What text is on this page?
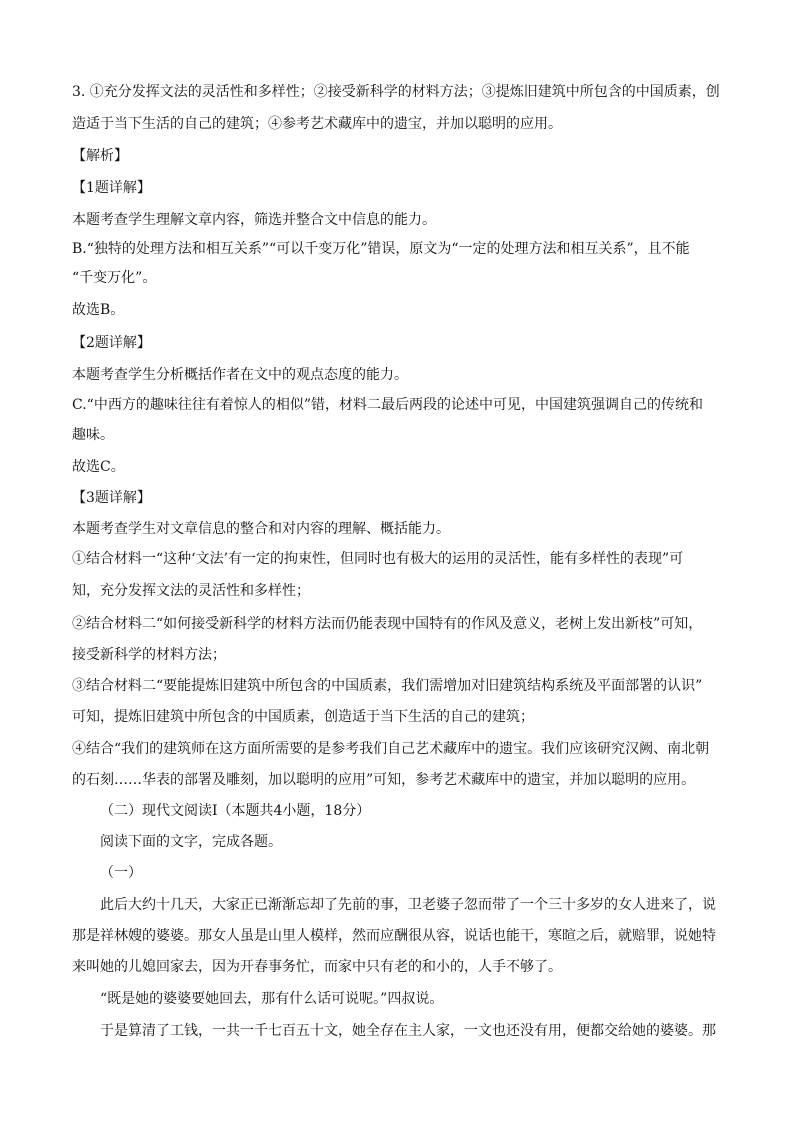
3. ①充分发挥文法的灵活性和多样性；②接受新科学的材料方法；③提炼旧建筑中所包含的中国质素，创
造适于当下生活的自己的建筑；④参考艺术藏库中的遗宝，并加以聪明的应用。
【解析】
【1题详解】
本题考查学生理解文章内容，筛选并整合文中信息的能力。
B.“独特的处理方法和相互关系”“可以千变万化”错误，原文为“一定的处理方法和相互关系”，且不能
“千变万化”。
故选B。
【2题详解】
本题考查学生分析概括作者在文中的观点态度的能力。
C.“中西方的趣味往往有着惊人的相似”错，材料二最后两段的论述中可见，中国建筑强调自己的传统和
趣味。
故选C。
【3题详解】
本题考查学生对文章信息的整合和对内容的理解、概括能力。
①结合材料一“这种‘文法’有一定的拘束性，但同时也有极大的运用的灵活性，能有多样性的表现”可
知，充分发挥文法的灵活性和多样性；
②结合材料二“如何接受新科学的材料方法而仍能表现中国特有的作风及意义，老树上发出新枝”可知，
接受新科学的材料方法；
③结合材料二“要能提炼旧建筑中所包含的中国质素，我们需增加对旧建筑结构系统及平面部署的认识”
可知，提炼旧建筑中所包含的中国质素，创造适于当下生活的自己的建筑；
④结合“我们的建筑师在这方面所需要的是参考我们自己艺术藏库中的遗宝。我们应该研究汉阙、南北朝
的石刻……华表的部署及雕刻，加以聪明的应用”可知，参考艺术藏库中的遗宝，并加以聪明的应用。
（二）现代文阅读Ⅰ（本题共4小题，18分）
阅读下面的文字，完成各题。
（一）
此后大约十几天，大家正已渐渐忘却了先前的事，卫老婆子忽而带了一个三十多岁的女人进来了，说
那是祥林嫂的婆婆。那女人虽是山里人模样，然而应酬很从容，说话也能干，寒暄之后，就赔罪，说她特
来叫她的儿媳回家去，因为开春事务忙，而家中只有老的和小的，人手不够了。
“既是她的婆婆要她回去，那有什么话可说呢。”四叔说。
于是算清了工钱，一共一千七百五十文，她全存在主人家，一文也还没有用，便都交给她的婆婆。那
